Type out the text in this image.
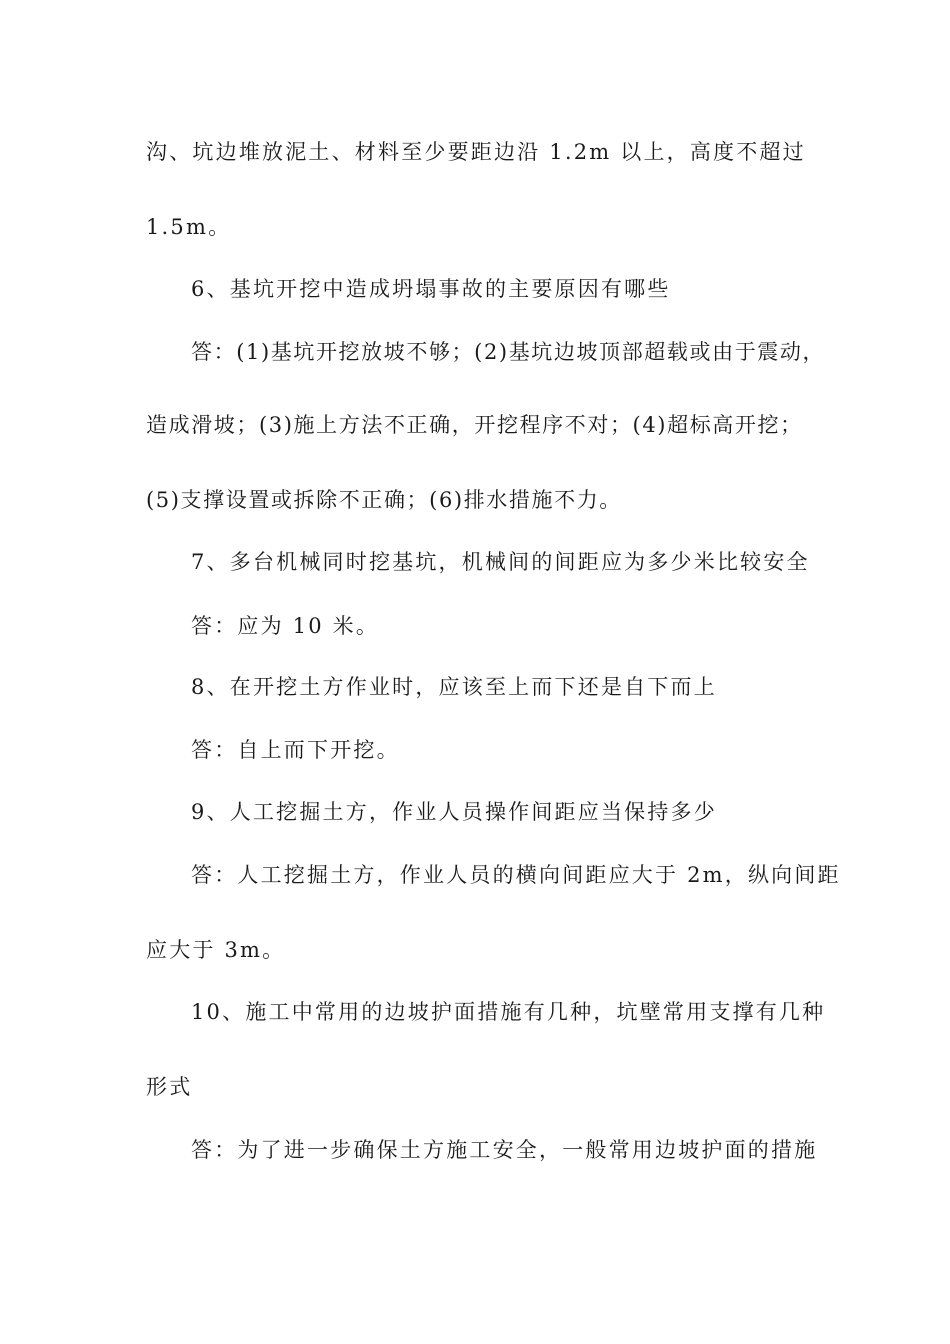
沟、坑边堆放泥土、材料至少要距边沿 1.2m 以上，高度不超过
1.5m。
6、基坑开挖中造成坍塌事故的主要原因有哪些
答：(1)基坑开挖放坡不够；(2)基坑边坡顶部超载或由于震动，
造成滑坡；(3)施上方法不正确，开挖程序不对；(4)超标高开挖；
(5)支撑设置或拆除不正确；(6)排水措施不力。
7、多台机械同时挖基坑，机械间的间距应为多少米比较安全
答：应为 10 米。
8、在开挖土方作业时，应该至上而下还是自下而上
答：自上而下开挖。
9、人工挖掘土方，作业人员操作间距应当保持多少
答：人工挖掘土方，作业人员的横向间距应大于 2m，纵向间距
应大于 3m。
10、施工中常用的边坡护面措施有几种，坑壁常用支撑有几种
形式
答：为了进一步确保土方施工安全，一般常用边坡护面的措施
